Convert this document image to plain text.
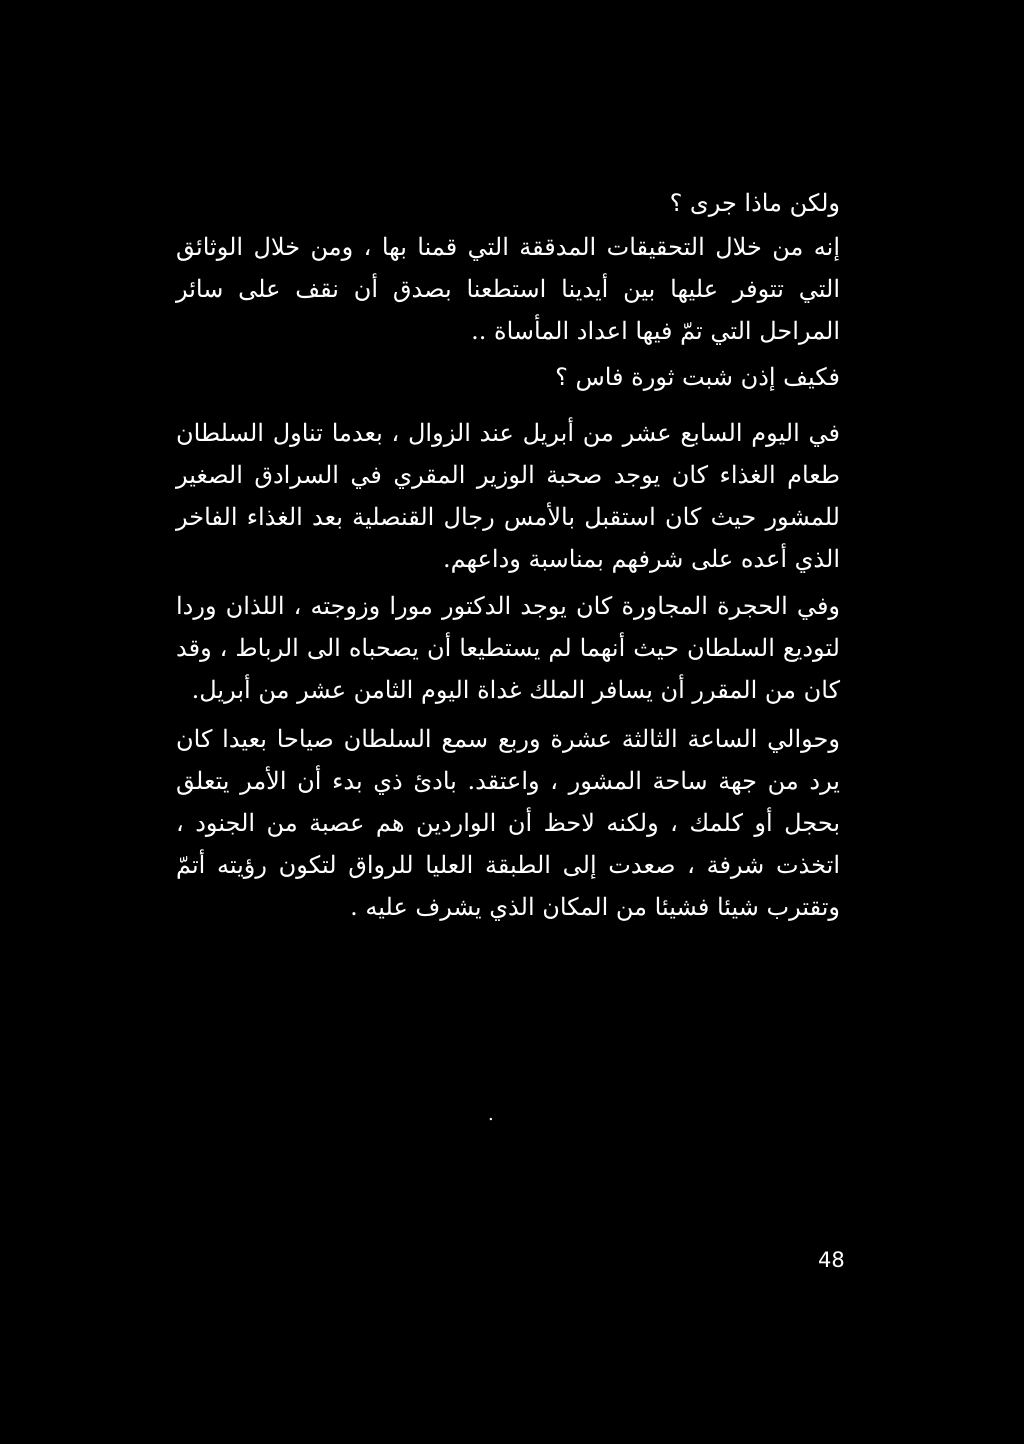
ولكن ماذا جرى ؟

إنه من خلال التحقيقات المدققة التي قمنا بها ، ومن خلال الوثائق التي تتوفر عليها بين أيدينا استطعنا بصدق أن نقف على سائر المراحل التي تمّ فيها اعداد المأساة ..

فكيف إذن شبت ثورة فاس ؟

في اليوم السابع عشر من أبريل عند الزوال ، بعدما تناول السلطان طعام الغذاء كان يوجد صحبة الوزير المقري في السرادق الصغير للمشور حيث كان استقبل بالأمس رجال القنصلية بعد الغذاء الفاخر الذي أعده على شرفهم بمناسبة وداعهم.

وفي الحجرة المجاورة كان يوجد الدكتور مورا وزوجته ، اللذان وردا لتوديع السلطان حيث أنهما لم يستطيعا أن يصحباه الى الرباط ، وقد كان من المقرر أن يسافر الملك غداة اليوم الثامن عشر من أبريل.

وحوالي الساعة الثالثة عشرة وربع سمع السلطان صياحا بعيدا كان يرد من جهة ساحة المشور ، واعتقد. بادئ ذي بدء أن الأمر يتعلق بحجل أو كلمك ، ولكنه لاحظ أن الواردين هم عصبة من الجنود ، اتخذت شرفة ، صعدت إلى الطبقة العليا للرواق لتكون رؤيته أتمّ وتقترب شيئا فشيئا من المكان الذي يشرف عليه .

.
48
